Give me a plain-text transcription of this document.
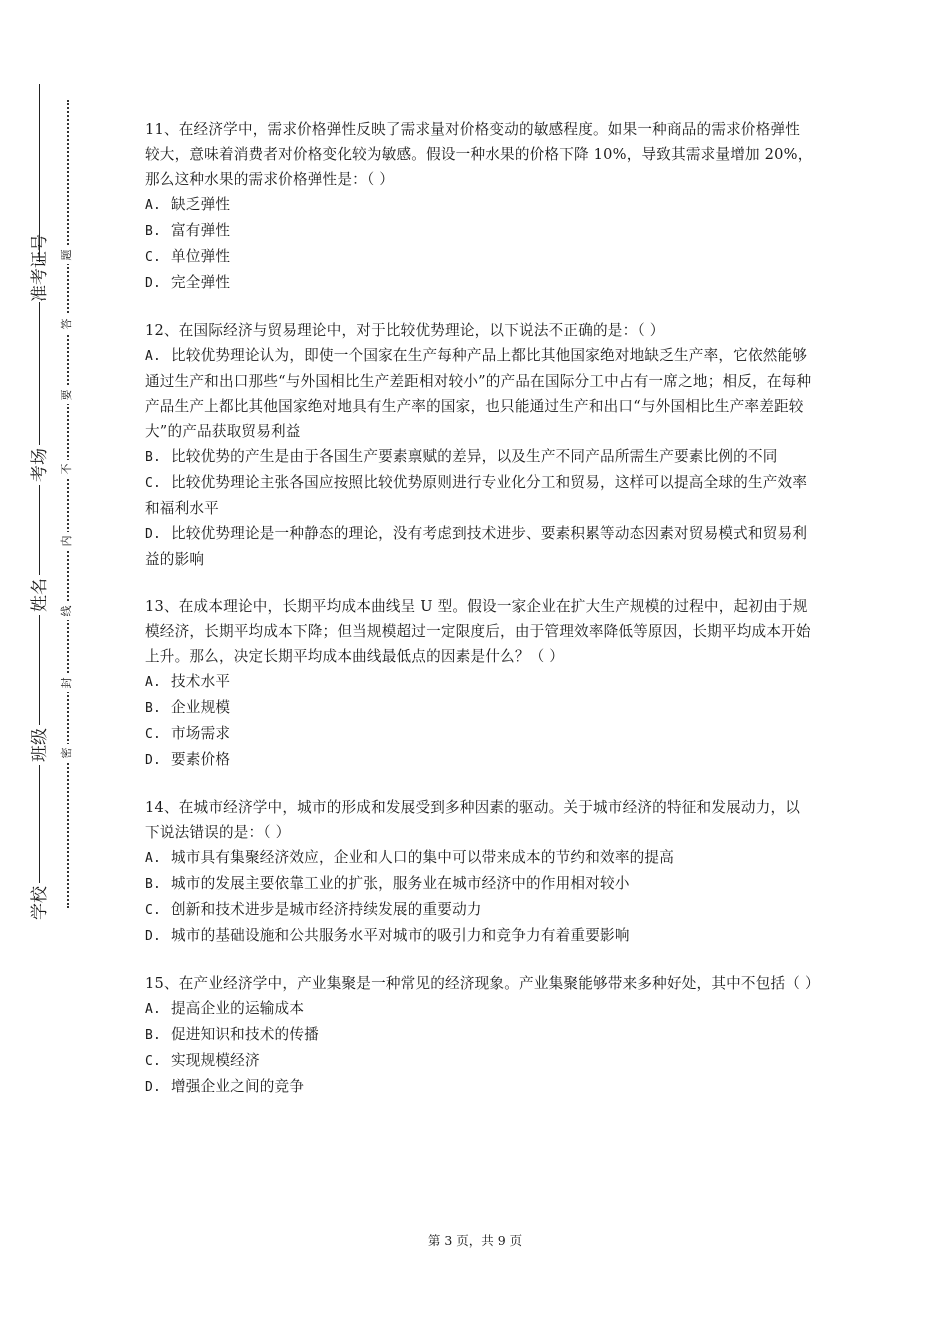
准考证号
考场
姓名
班级
学校
题
答
要
不
内
线
封
密

11、在经济学中，需求价格弹性反映了需求量对价格变动的敏感程度。如果一种商品的需求价格弹性较大，意味着消费者对价格变化较为敏感。假设一种水果的价格下降 10%，导致其需求量增加 20%，那么这种水果的需求价格弹性是：（ ）

A. 缺乏弹性

B. 富有弹性

C. 单位弹性

D. 完全弹性

12、在国际经济与贸易理论中，对于比较优势理论，以下说法不正确的是：（ ）

A. 比较优势理论认为，即使一个国家在生产每种产品上都比其他国家绝对地缺乏生产率，它依然能够通过生产和出口那些“与外国相比生产差距相对较小”的产品在国际分工中占有一席之地；相反，在每种产品生产上都比其他国家绝对地具有生产率的国家，也只能通过生产和出口“与外国相比生产率差距较大”的产品获取贸易利益

B. 比较优势的产生是由于各国生产要素禀赋的差异，以及生产不同产品所需生产要素比例的不同

C. 比较优势理论主张各国应按照比较优势原则进行专业化分工和贸易，这样可以提高全球的生产效率和福利水平

D. 比较优势理论是一种静态的理论，没有考虑到技术进步、要素积累等动态因素对贸易模式和贸易利益的影响

13、在成本理论中，长期平均成本曲线呈 U 型。假设一家企业在扩大生产规模的过程中，起初由于规模经济，长期平均成本下降；但当规模超过一定限度后，由于管理效率降低等原因，长期平均成本开始上升。那么，决定长期平均成本曲线最低点的因素是什么？（ ）

A. 技术水平

B. 企业规模

C. 市场需求

D. 要素价格

14、在城市经济学中，城市的形成和发展受到多种因素的驱动。关于城市经济的特征和发展动力，以下说法错误的是：（ ）

A. 城市具有集聚经济效应，企业和人口的集中可以带来成本的节约和效率的提高

B. 城市的发展主要依靠工业的扩张，服务业在城市经济中的作用相对较小

C. 创新和技术进步是城市经济持续发展的重要动力

D. 城市的基础设施和公共服务水平对城市的吸引力和竞争力有着重要影响

15、在产业经济学中，产业集聚是一种常见的经济现象。产业集聚能够带来多种好处，其中不包括（ ）

A. 提高企业的运输成本

B. 促进知识和技术的传播

C. 实现规模经济

D. 增强企业之间的竞争

第 3 页，共 9 页
